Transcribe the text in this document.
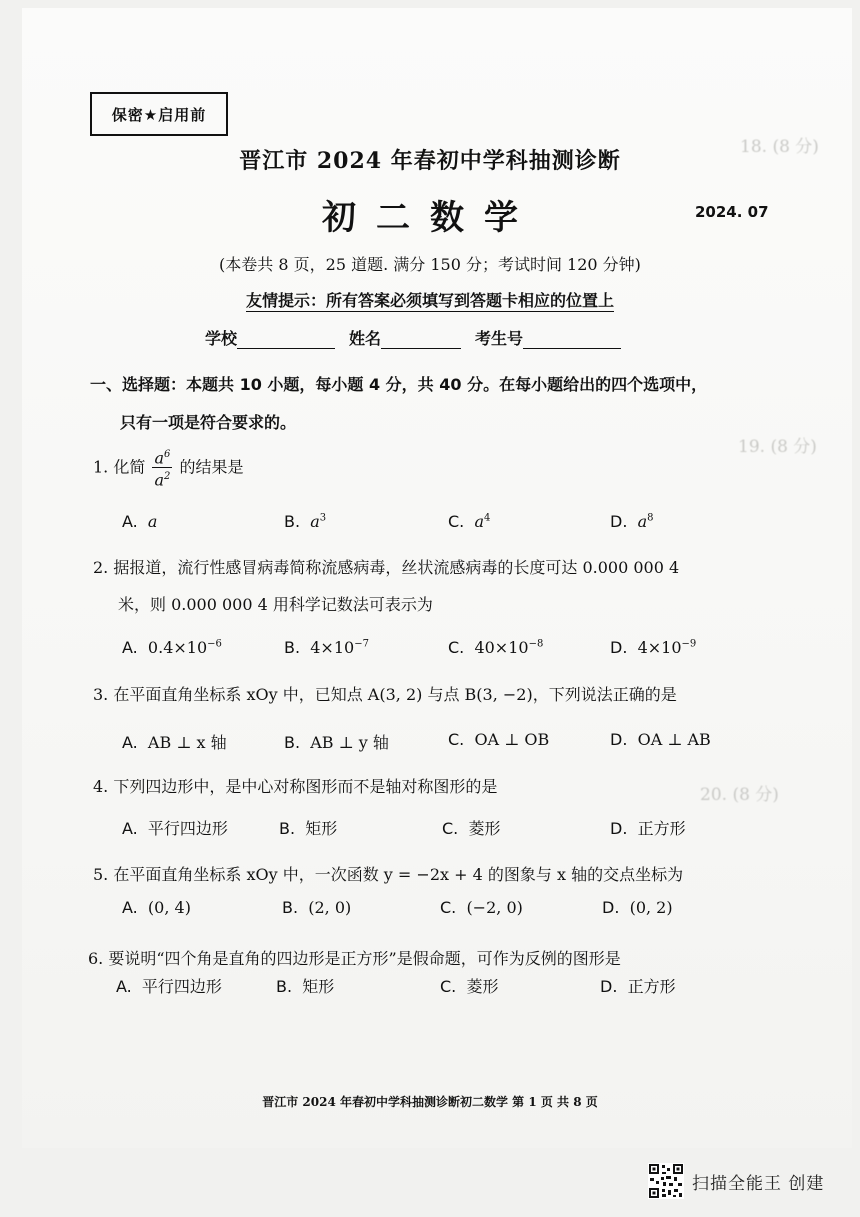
18. (8 分)
19. (8 分)
20. (8 分)
保密★启用前
晋江市 2024 年春初中学科抽测诊断
初二数学	2024. 07
(本卷共 8 页，25 道题. 满分 150 分；考试时间 120 分钟)
友情提示：所有答案必须填写到答题卡相应的位置上
学校	姓名	考生号
一、选择题：本题共 10 小题，每小题 4 分，共 40 分。在每小题给出的四个选项中，
只有一项是符合要求的。
1. 化简 $\frac{a^6}{a^2}$ 的结果是
A. a	B. $a^3$	C. $a^4$	D. $a^8$
2. 据报道，流行性感冒病毒简称流感病毒，丝状流感病毒的长度可达 0.000 000 4
米，则 0.000 000 4 用科学记数法可表示为
A.  $0.4\times 10^{-6}$	B.  $4\times 10^{-7}$	C.  $40\times 10^{-8}$	D.  $4\times 10^{-9}$
3. 在平面直角坐标系 xOy 中，已知点 A(3, 2) 与点 B(3, −2)，下列说法正确的是
A. AB ⊥ x 轴	B. AB ⊥ y 轴	C. OA ⊥ OB	D. OA ⊥ AB
4. 下列四边形中，是中心对称图形而不是轴对称图形的是
A. 平行四边形	B. 矩形	C. 菱形	D. 正方形
5. 在平面直角坐标系 xOy 中，一次函数 y = −2x + 4 的图象与 x 轴的交点坐标为
A. (0, 4)	B. (2, 0)	C. (−2, 0)	D. (0, 2)
6. 要说明“四个角是直角的四边形是正方形”是假命题，可作为反例的图形是
A. 平行四边形	B. 矩形	C. 菱形	D. 正方形
晋江市 2024 年春初中学科抽测诊断初二数学 第 1 页 共 8 页
扫描全能王 创建
